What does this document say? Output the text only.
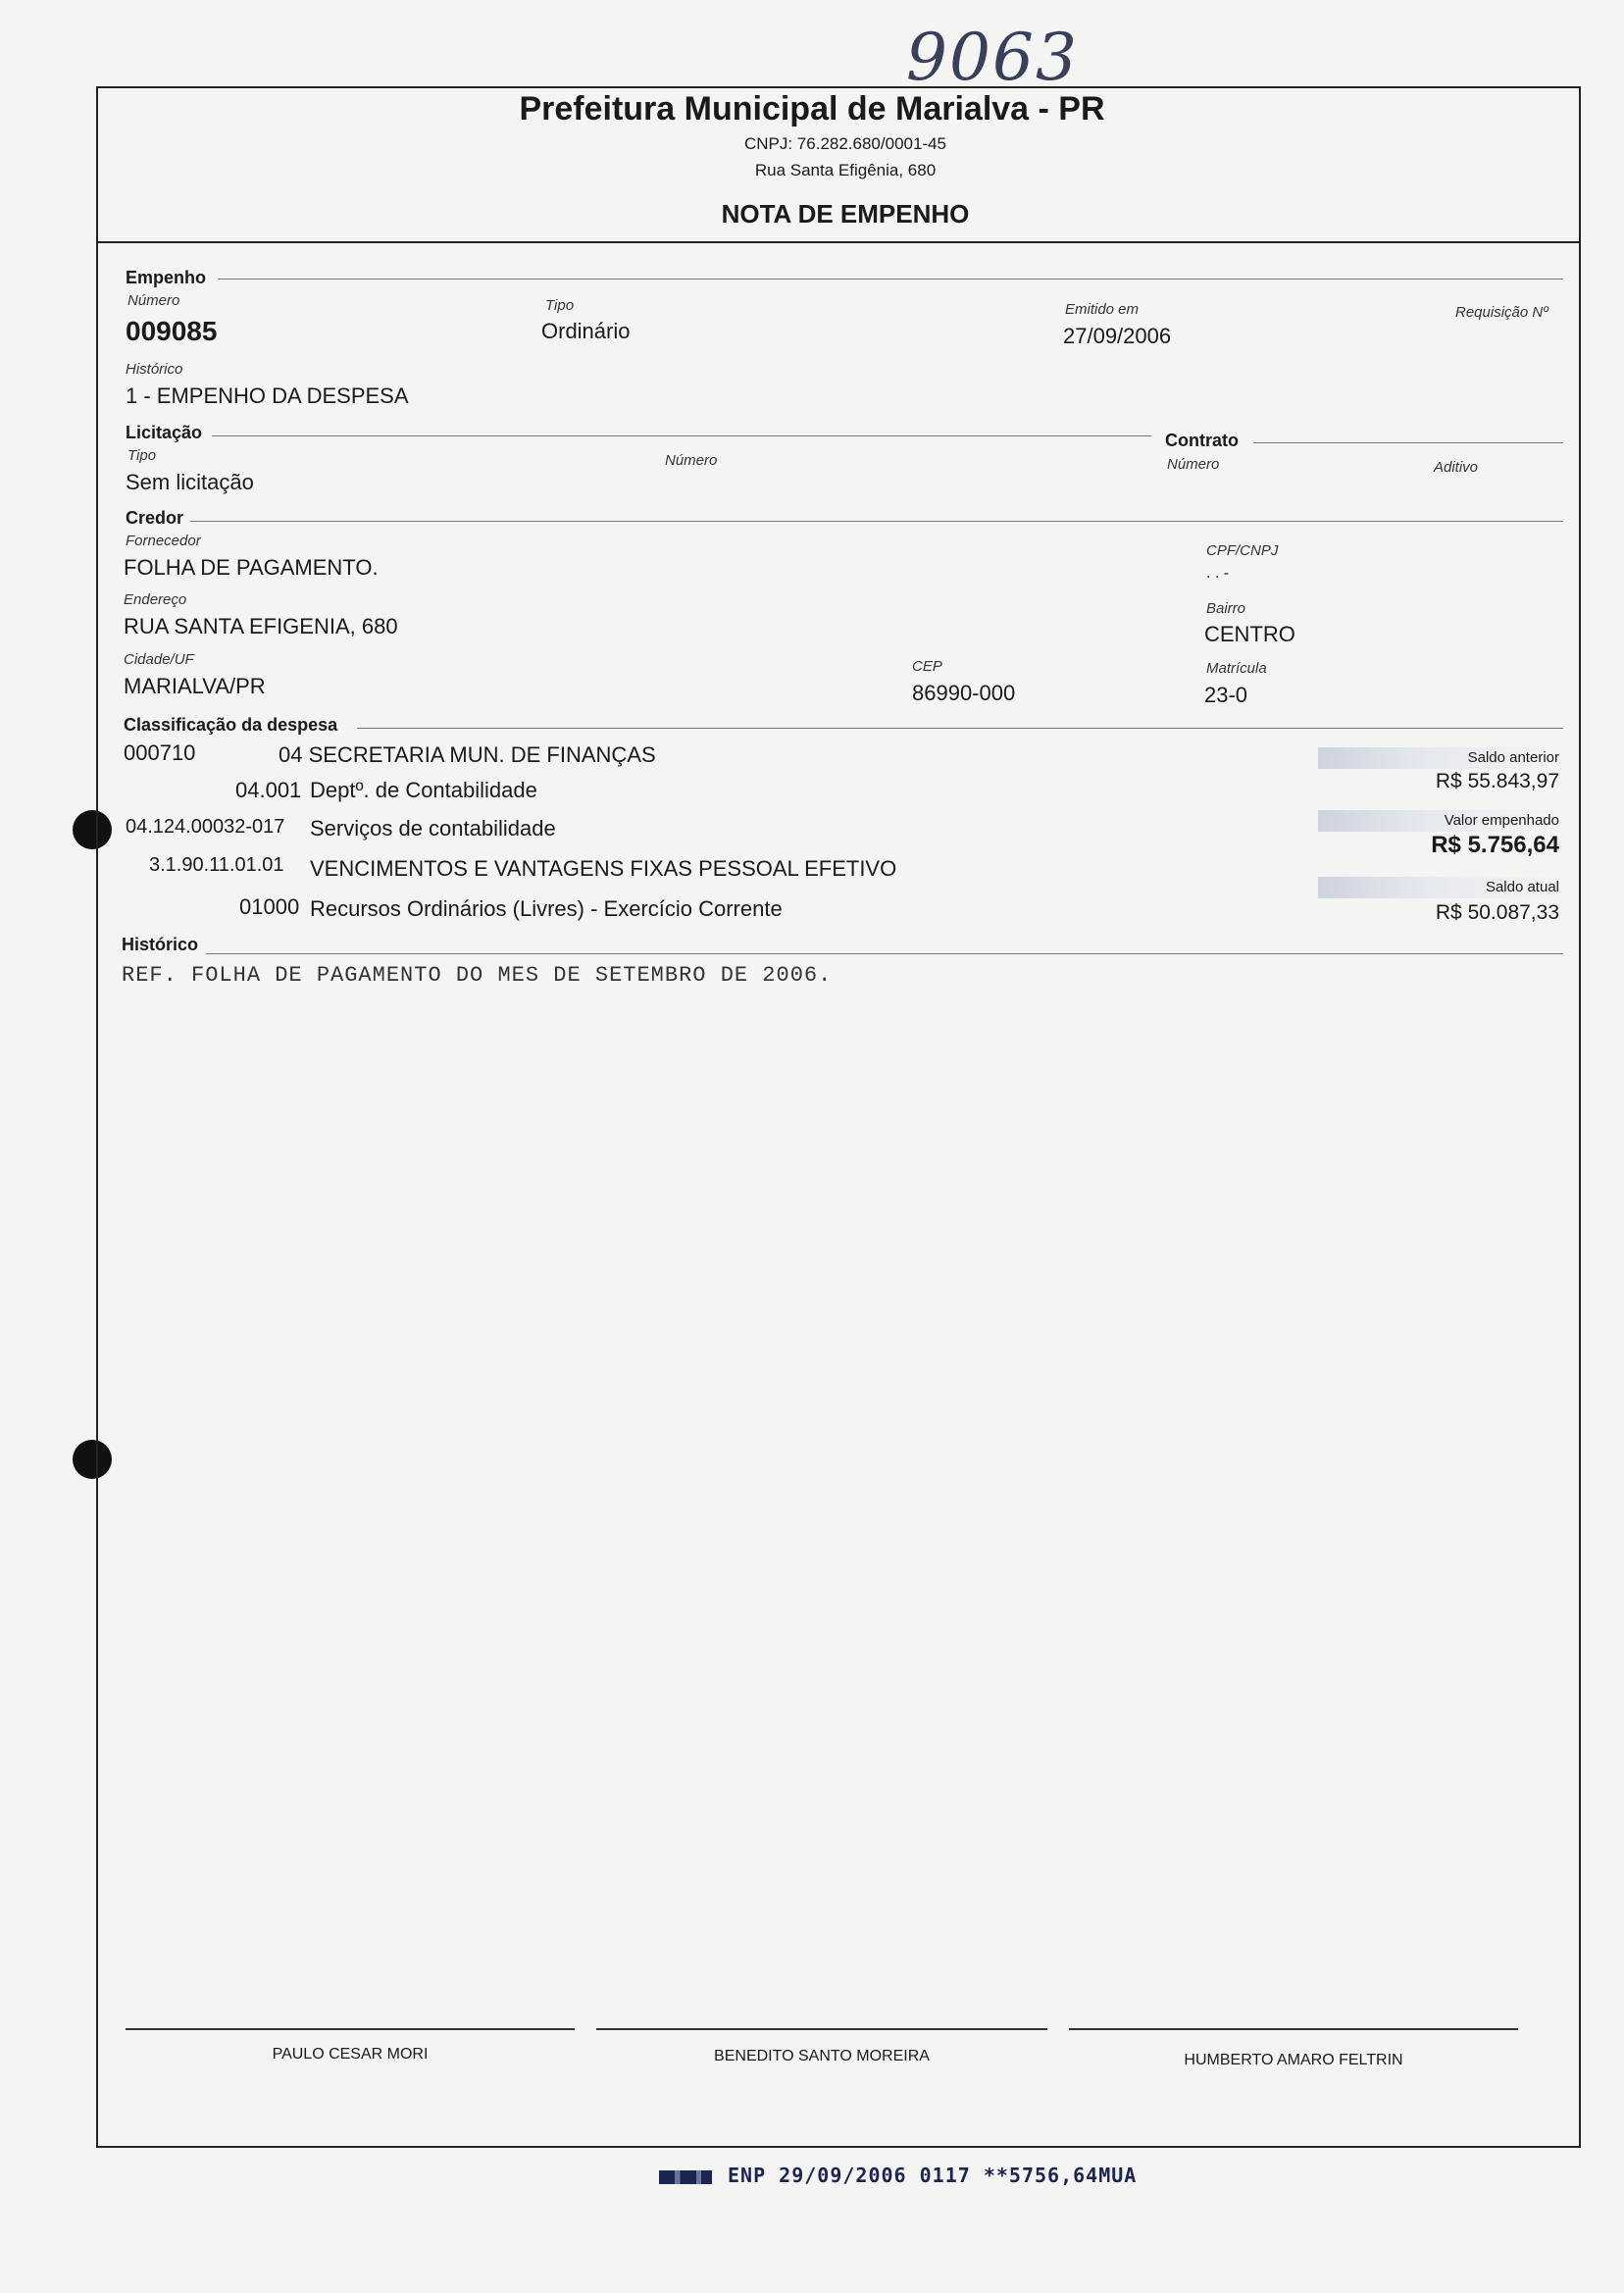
9063
Prefeitura Municipal de Marialva - PR
CNPJ: 76.282.680/0001-45
Rua Santa Efigênia, 680
NOTA DE EMPENHO
Empenho
Número
009085
Tipo
Ordinário
Emitido em
27/09/2006
Requisição Nº
Histórico
1 - EMPENHO DA DESPESA
Licitação
Tipo
Sem licitação
Número
Contrato
Número	Aditivo
Credor
Fornecedor
FOLHA DE PAGAMENTO.
CPF/CNPJ
. . -
Endereço
RUA SANTA EFIGENIA, 680
Bairro
CENTRO
Cidade/UF
MARIALVA/PR
CEP
86990-000
Matrícula
23-0
Classificação da despesa
000710	04 SECRETARIA MUN. DE FINANÇAS
04.001 Deptº. de Contabilidade
04.124.00032-017 Serviços de contabilidade
3.1.90.11.01.01 VENCIMENTOS E VANTAGENS FIXAS PESSOAL EFETIVO
01000 Recursos Ordinários (Livres) - Exercício Corrente
Saldo anterior
R$ 55.843,97
Valor empenhado
R$ 5.756,64
Saldo atual
R$ 50.087,33
Histórico
REF. FOLHA DE PAGAMENTO DO MES DE SETEMBRO DE 2006.
PAULO CESAR MORI	BENEDITO SANTO MOREIRA	HUMBERTO AMARO FELTRIN
ENP 29/09/2006 0117 **5756,64MUA
